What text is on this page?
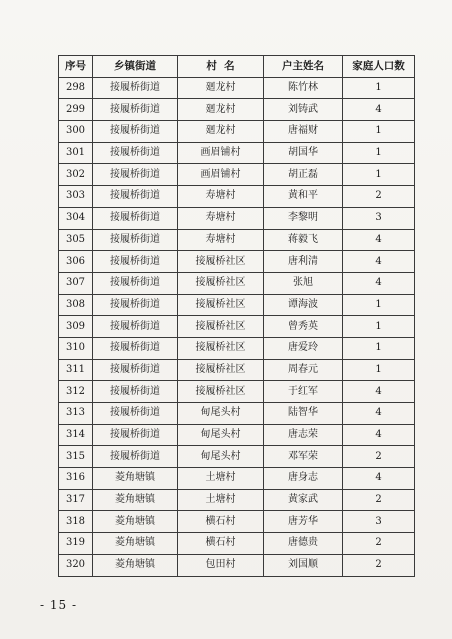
序号	乡镇街道	村  名	户主姓名	家庭人口数
298	接履桥街道	廻龙村	陈竹林	1
299	接履桥街道	廻龙村	刘铸武	4
300	接履桥街道	廻龙村	唐福财	1
301	接履桥街道	画眉铺村	胡国华	1
302	接履桥街道	画眉铺村	胡正磊	1
303	接履桥街道	寿塘村	黄和平	2
304	接履桥街道	寿塘村	李黎明	3
305	接履桥街道	寿塘村	蒋毅飞	4
306	接履桥街道	接履桥社区	唐利清	4
307	接履桥街道	接履桥社区	张旭	4
308	接履桥街道	接履桥社区	谭海波	1
309	接履桥街道	接履桥社区	曾秀英	1
310	接履桥街道	接履桥社区	唐爱玲	1
311	接履桥街道	接履桥社区	周春元	1
312	接履桥街道	接履桥社区	于红军	4
313	接履桥街道	甸尾头村	陆智华	4
314	接履桥街道	甸尾头村	唐志荣	4
315	接履桥街道	甸尾头村	邓军荣	2
316	菱角塘镇	土塘村	唐身志	4
317	菱角塘镇	土塘村	黄家武	2
318	菱角塘镇	横石村	唐芳华	3
319	菱角塘镇	横石村	唐德贵	2
320	菱角塘镇	包田村	刘国顺	2
- 15 -
